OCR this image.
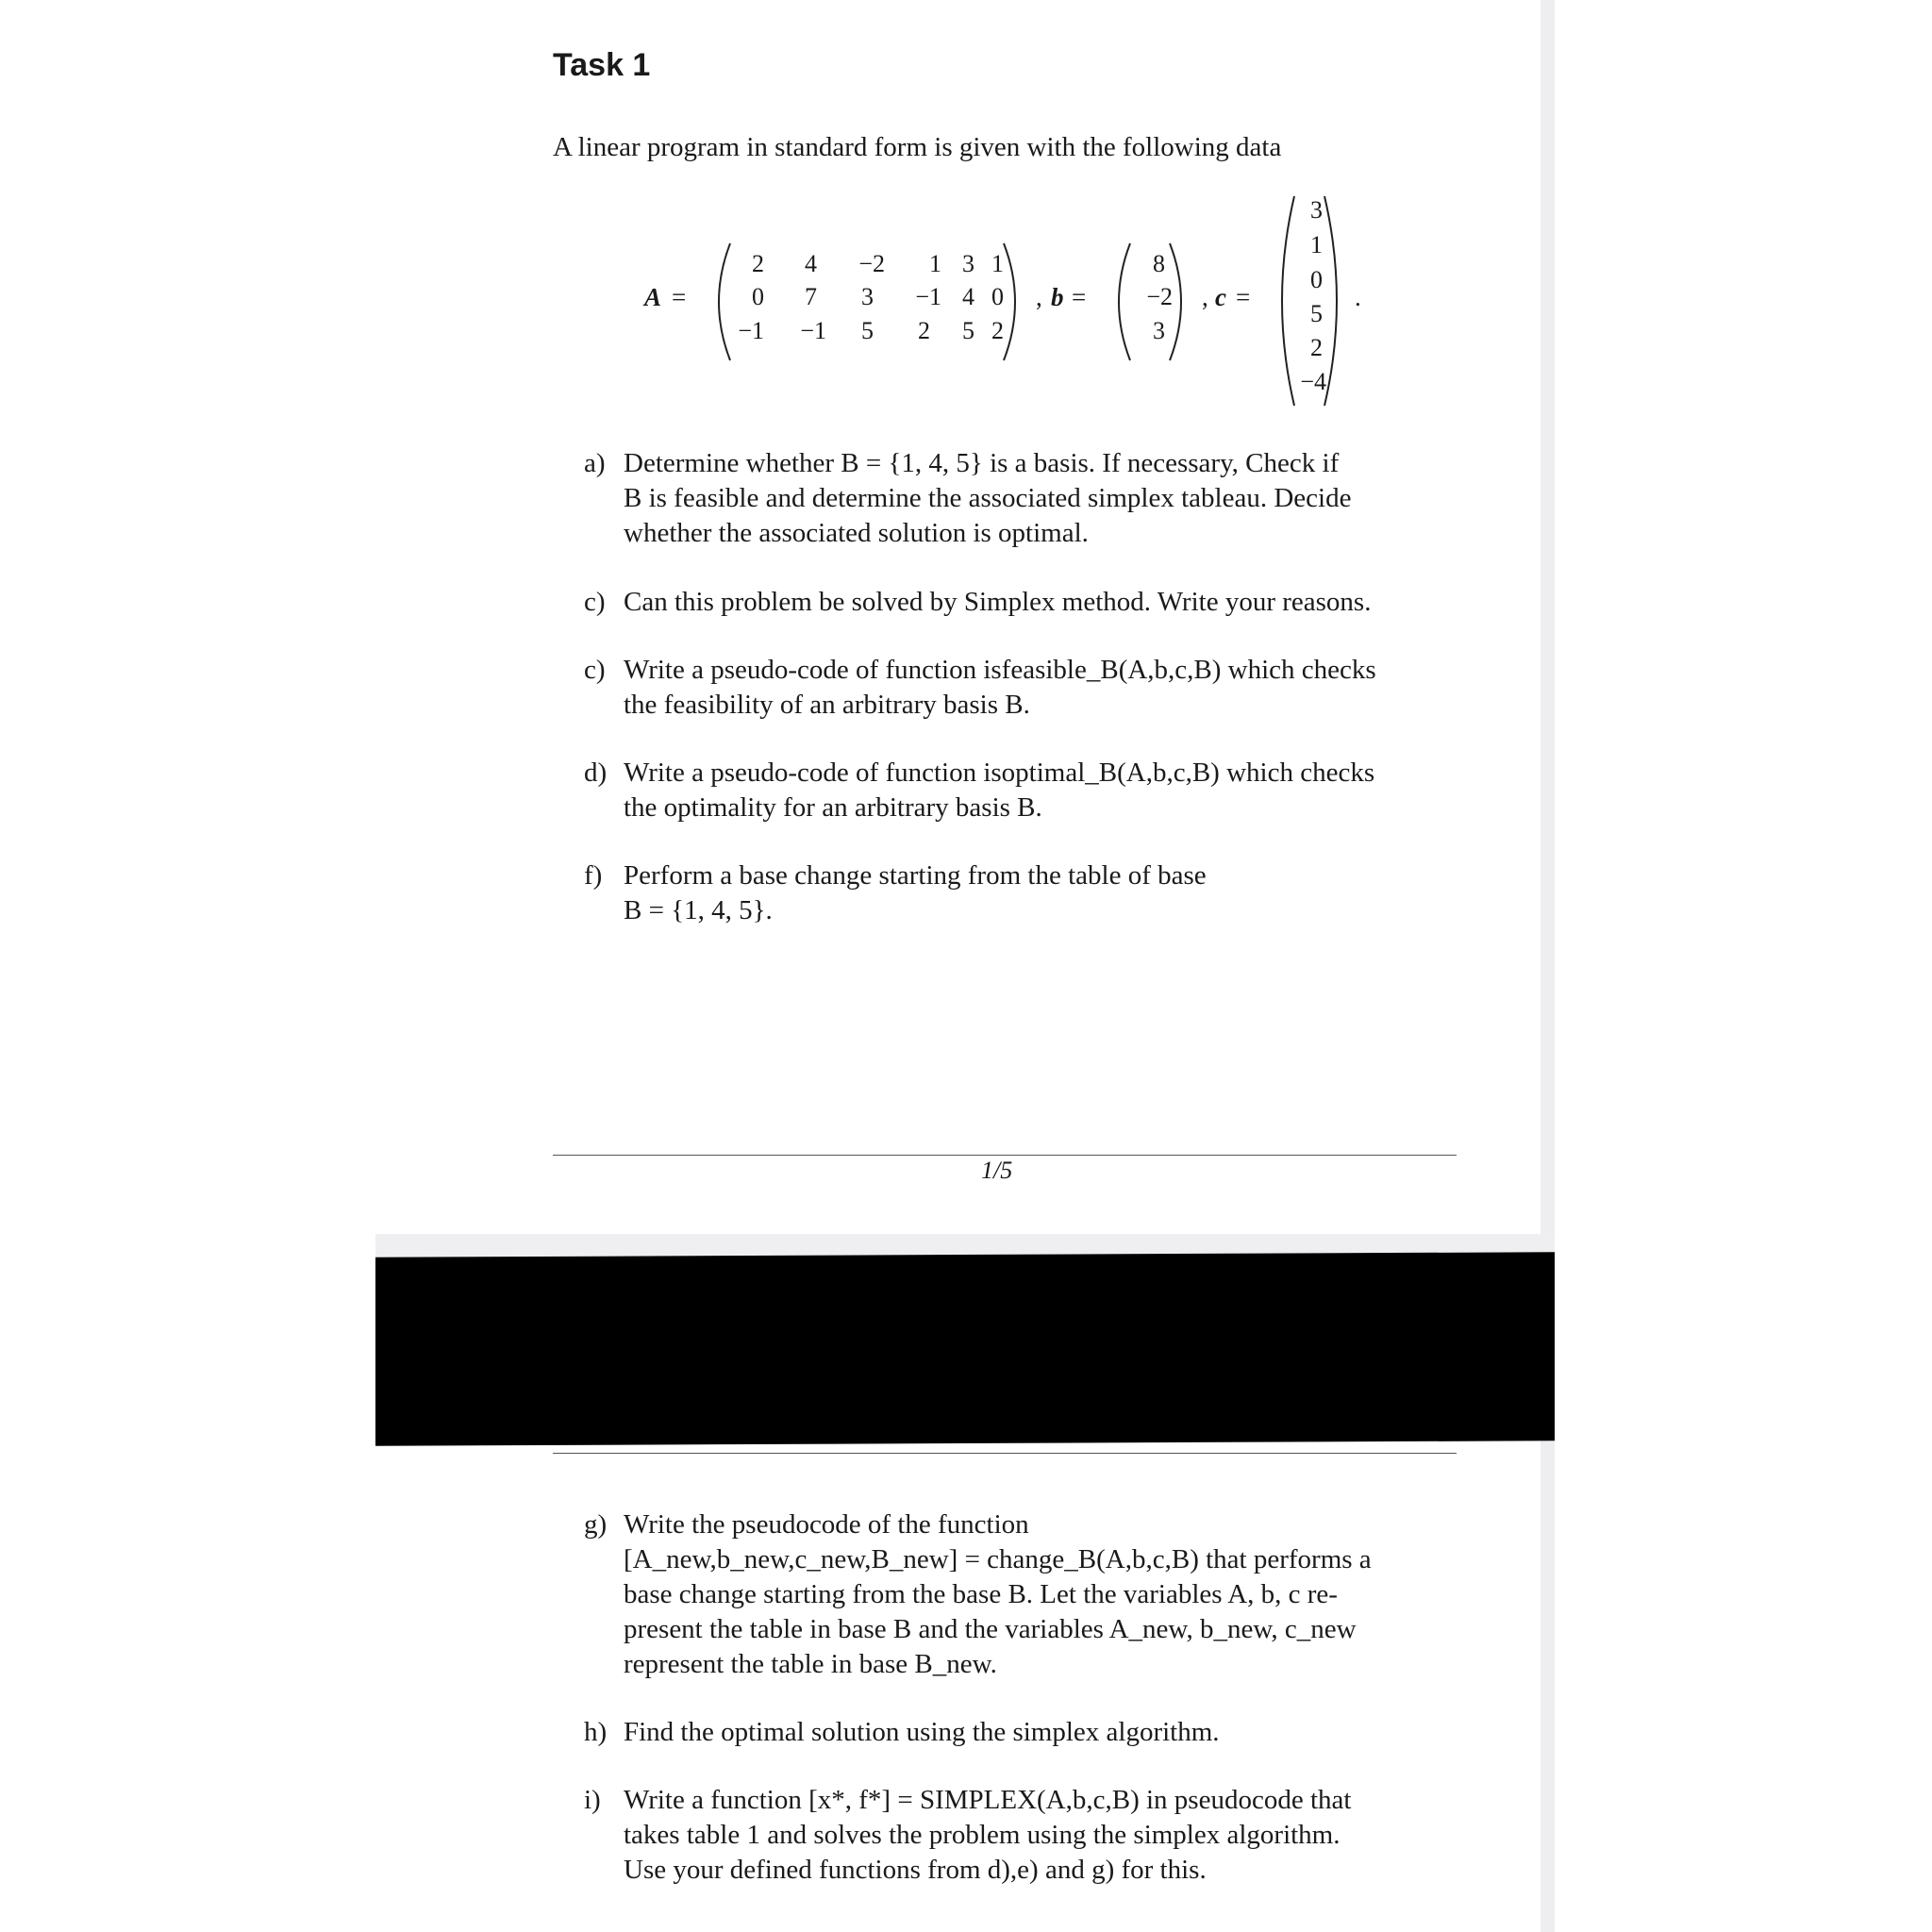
Task 1
A linear program in standard form is given with the following data
A =
2	4	−2	1 3 1
0	7	3	−1 4 0
−1	−1	5	2	5 2
, b =
8
−2
3
, c =
3
1
0
5
2
−4
.
a) Determine whether B = {1, 4, 5} is a basis. If necessary, Check if

B is feasible and determine the associated simplex tableau. Decide

whether the associated solution is optimal.

c) Can this problem be solved by Simplex method. Write your reasons.

c) Write a pseudo-code of function isfeasible_B(A,b,c,B) which checks

the feasibility of an arbitrary basis B.

d) Write a pseudo-code of function isoptimal_B(A,b,c,B) which checks

the optimality for an arbitrary basis B.

f) Perform a base change starting from the table of base

B = {1, 4, 5}.

1/5
g) Write the pseudocode of the function

[A_new,b_new,c_new,B_new] = change_B(A,b,c,B) that performs a

base change starting from the base B. Let the variables A, b, c re-

present the table in base B and the variables A_new, b_new, c_new

represent the table in base B_new.

h) Find the optimal solution using the simplex algorithm.

i) Write a function [x*, f*] = SIMPLEX(A,b,c,B) in pseudocode that

takes table 1 and solves the problem using the simplex algorithm.

Use your defined functions from d),e) and g) for this.
